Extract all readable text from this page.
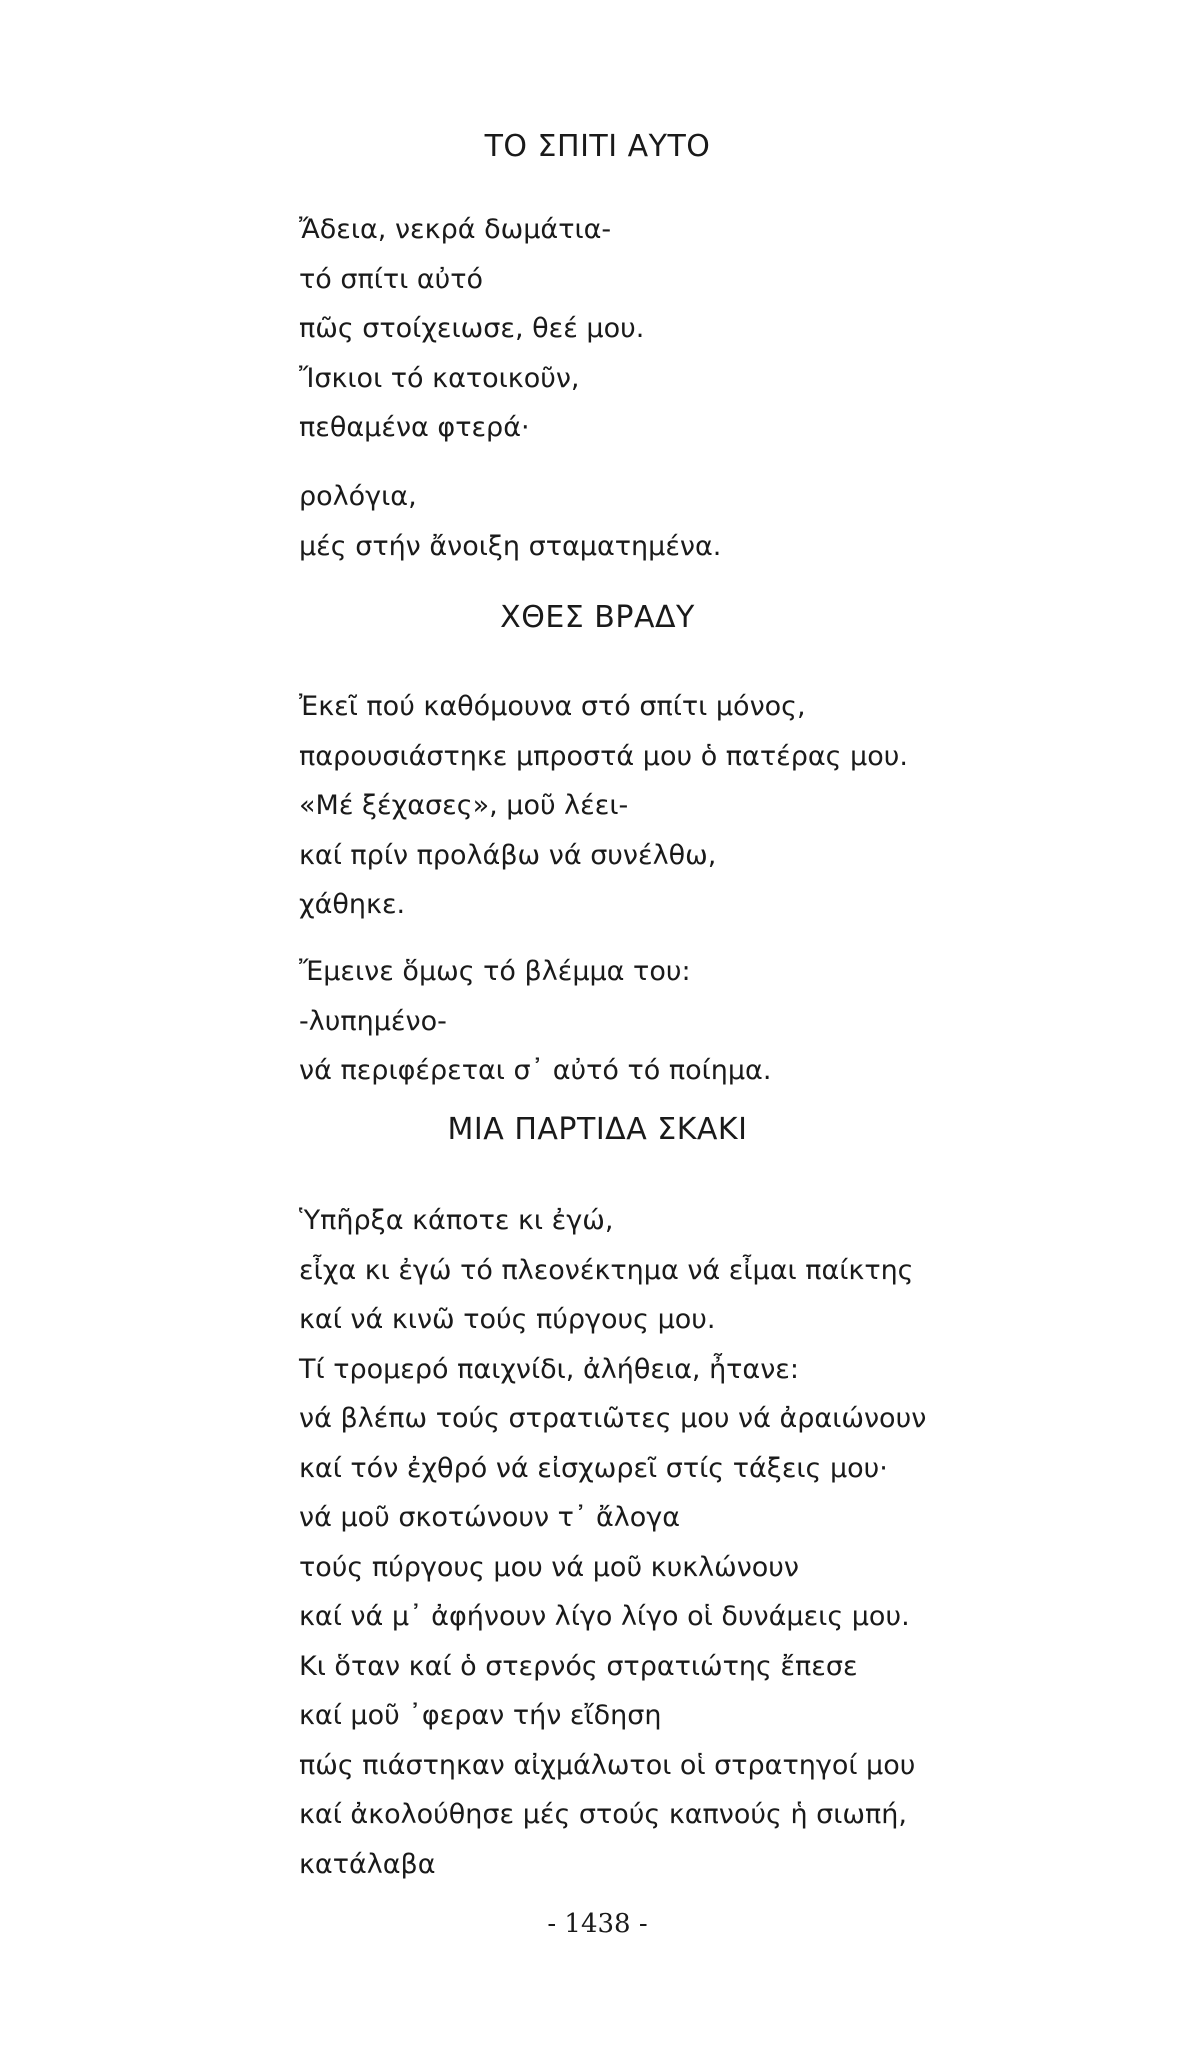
ΤΟ ΣΠΙΤΙ ΑΥΤΟ
Ἄδεια, νεκρά δωμάτια-
τό σπίτι αὐτό
πῶς στοίχειωσε, θεέ μου.
Ἴσκιοι τό κατοικοῦν,
πεθαμένα φτερά·
ρολόγια,
μές στήν ἄνοιξη σταματημένα.
ΧΘΕΣ ΒΡΑΔΥ
Ἐκεῖ πού καθόμουνα στό σπίτι μόνος,
παρουσιάστηκε μπροστά μου ὁ πατέρας μου.
«Μέ ξέχασες», μοῦ λέει-
καί πρίν προλάβω νά συνέλθω,
χάθηκε.
Ἔμεινε ὅμως τό βλέμμα του:
-λυπημένο-
νά περιφέρεται σ᾽ αὐτό τό ποίημα.
ΜΙΑ ΠΑΡΤΙΔΑ ΣΚΑΚΙ
Ὑπῆρξα κάποτε κι ἐγώ,
εἶχα κι ἐγώ τό πλεονέκτημα νά εἶμαι παίκτης
καί νά κινῶ τούς πύργους μου.
Τί τρομερό παιχνίδι, ἀλήθεια, ἦτανε:
νά βλέπω τούς στρατιῶτες μου νά ἀραιώνουν
καί τόν ἐχθρό νά εἰσχωρεῖ στίς τάξεις μου·
νά μοῦ σκοτώνουν τ᾽ ἄλογα
τούς πύργους μου νά μοῦ κυκλώνουν
καί νά μ᾽ ἀφήνουν λίγο λίγο οἱ δυνάμεις μου.
Κι ὅταν καί ὁ στερνός στρατιώτης ἔπεσε
καί μοῦ ᾽φεραν τήν εἴδηση
πώς πιάστηκαν αἰχμάλωτοι οἱ στρατηγοί μου
καί ἀκολούθησε μές στούς καπνούς ἡ σιωπή,
κατάλαβα
- 1438 -
